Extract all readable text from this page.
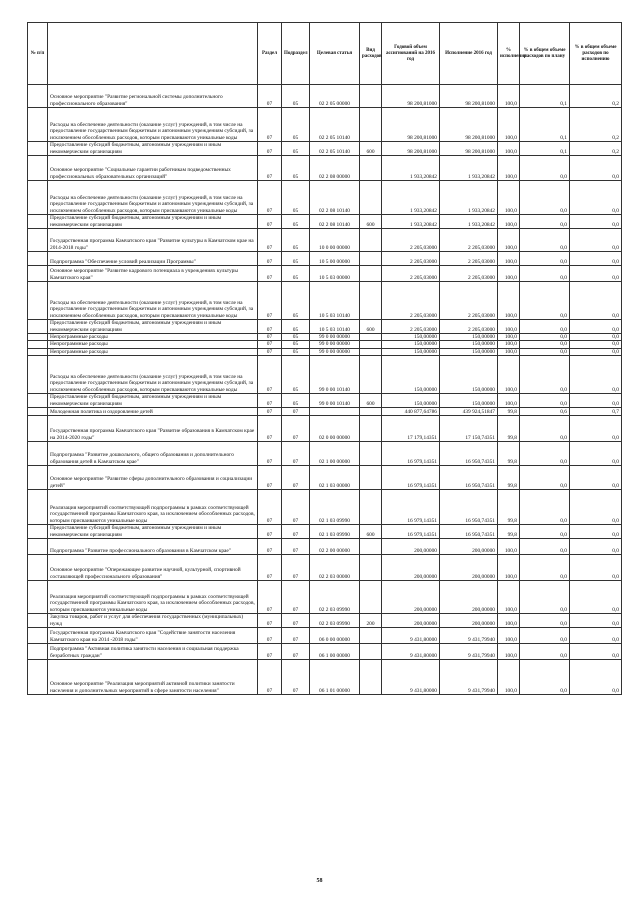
№ п/п		Раздел	Подраздел	Целевая статья	Вид расходов	Годовой объем ассигнований на 2016 год	Исполнение 2016 год	% исполнения	% в общем объеме расходов по плану	% в общем объеме расходов по исполнению
	Основное мероприятие "Развитие региональной системы дополнительного профессионального образования"	07	05	02 2 05 00000		98 200,81000	98 200,81000	100,0	0,1	0,2
	Расходы на обеспечение деятельности (оказание услуг) учреждений, в том числе на предоставление государственным бюджетным и автономным учреждениям субсидий, за исключением обособленных расходов, которым присваиваются уникальные коды	07	05	02 2 05 10140		98 200,81000	98 200,81000	100,0	0,1	0,2
	Предоставление субсидий бюджетным, автономным учреждениям и иным некоммерческим организациям	07	05	02 2 05 10140	600	98 200,81000	98 200,81000	100,0	0,1	0,2
	Основное мероприятие "Социальные гарантии работникам подведомственных профессиональных образовательных организаций"	07	05	02 2 08 00000		1 933,20842	1 933,20842	100,0	0,0	0,0
	Расходы на обеспечение деятельности (оказание услуг) учреждений, в том числе на предоставление государственным бюджетным и автономным учреждениям субсидий, за исключением обособленных расходов, которым присваиваются уникальные коды	07	05	02 2 08 10140		1 933,20842	1 933,20842	100,0	0,0	0,0
	Предоставление субсидий бюджетным, автономным учреждениям и иным некоммерческим организациям	07	05	02 2 08 10140	600	1 933,20842	1 933,20842	100,0	0,0	0,0
	Государственная программа Камчатского края "Развитие культуры в Камчатском крае на 2014-2018 годы"	07	05	10 0 00 00000		2 205,03000	2 205,03000	100,0	0,0	0,0
	Подпрограмма "Обеспечение условий реализации Программы"	07	05	10 5 00 00000		2 205,03000	2 205,03000	100,0	0,0	0,0
	Основное мероприятие "Развитие кадрового потенциала в учреждениях культуры Камчатского края"	07	05	10 5 03 00000		2 205,03000	2 205,03000	100,0	0,0	0,0
	Расходы на обеспечение деятельности (оказание услуг) учреждений, в том числе на предоставление государственным бюджетным и автономным учреждениям субсидий, за исключением обособленных расходов, которым присваиваются уникальные коды	07	05	10 5 03 10140		2 205,03000	2 205,03000	100,0	0,0	0,0
	Предоставление субсидий бюджетным, автономным учреждениям и иным некоммерческим организациям	07	05	10 5 03 10140	600	2 205,03000	2 205,03000	100,0	0,0	0,0
	Непрограммные расходы	07	05	99 0 00 00000		150,00000	150,00000	100,0	0,0	0,0
	Непрограммные расходы	07	05	99 0 00 00000		150,00000	150,00000	100,0	0,0	0,0
	Непрограммные расходы	07	05	99 0 00 00000		150,00000	150,00000	100,0	0,0	0,0
	Расходы на обеспечение деятельности (оказание услуг) учреждений, в том числе на предоставление государственным бюджетным и автономным учреждениям субсидий, за исключением обособленных расходов, которым присваиваются уникальные коды	07	05	99 0 00 10140		150,00000	150,00000	100,0	0,0	0,0
	Предоставление субсидий бюджетным, автономным учреждениям и иным некоммерческим организациям	07	05	99 0 00 10140	600	150,00000	150,00000	100,0	0,0	0,0
	Молодежная политика и оздоровление детей	07	07			440 877,64786	439 924,51847	99,8	0,6	0,7
	Государственная программа Камчатского края "Развитие образования в Камчатском крае на 2014-2020 годы"	07	07	02 0 00 00000		17 179,14351	17 150,74351	99,8	0,0	0,0
	Подпрограмма "Развитие дошкольного, общего образования и дополнительного образования детей в Камчатском крае"	07	07	02 1 00 00000		16 979,14351	16 950,74351	99,8	0,0	0,0
	Основное мероприятие "Развитие сферы дополнительного образования и социализации детей"	07	07	02 1 03 00000		16 979,14351	16 950,74351	99,8	0,0	0,0
	Реализация мероприятий соответствующей подпрограммы в рамках соответствующей государственной программы Камчатского края, за исключением обособленных расходов, которым присваиваются уникальные коды	07	07	02 1 03 09990		16 979,14351	16 950,74351	99,8	0,0	0,0
	Предоставление субсидий бюджетным, автономным учреждениям и иным некоммерческим организациям	07	07	02 1 03 09990	600	16 979,14351	16 950,74351	99,8	0,0	0,0
	Подпрограмма "Развитие профессионального образования в Камчатском крае"	07	07	02 2 00 00000		200,00000	200,00000	100,0	0,0	0,0
	Основное мероприятие "Опережающее развитие научной, культурной, спортивной составляющей профессионального образования"	07	07	02 2 03 00000		200,00000	200,00000	100,0	0,0	0,0
	Реализация мероприятий соответствующей подпрограммы в рамках соответствующей государственной программы Камчатского края, за исключением обособленных расходов, которым присваиваются уникальные коды	07	07	02 2 03 09990		200,00000	200,00000	100,0	0,0	0,0
	Закупка товаров, работ и услуг для обеспечения государственных (муниципальных) нужд	07	07	02 2 03 09990	200	200,00000	200,00000	100,0	0,0	0,0
	Государственная программа Камчатского края "Содействие занятости населения Камчатского края на 2014 -2018 годы"	07	07	06 0 00 00000		9 431,80000	9 431,79940	100,0	0,0	0,0
	Подпрограмма "Активная политика занятости населения и социальная поддержка безработных граждан"	07	07	06 1 00 00000		9 431,80000	9 431,79940	100,0	0,0	0,0
	Основное мероприятие "Реализация мероприятий активной политики занятости населения и дополнительных мероприятий в сфере занятости населения"	07	07	06 1 01 00000		9 431,80000	9 431,79940	100,0	0,0	0,0
58
